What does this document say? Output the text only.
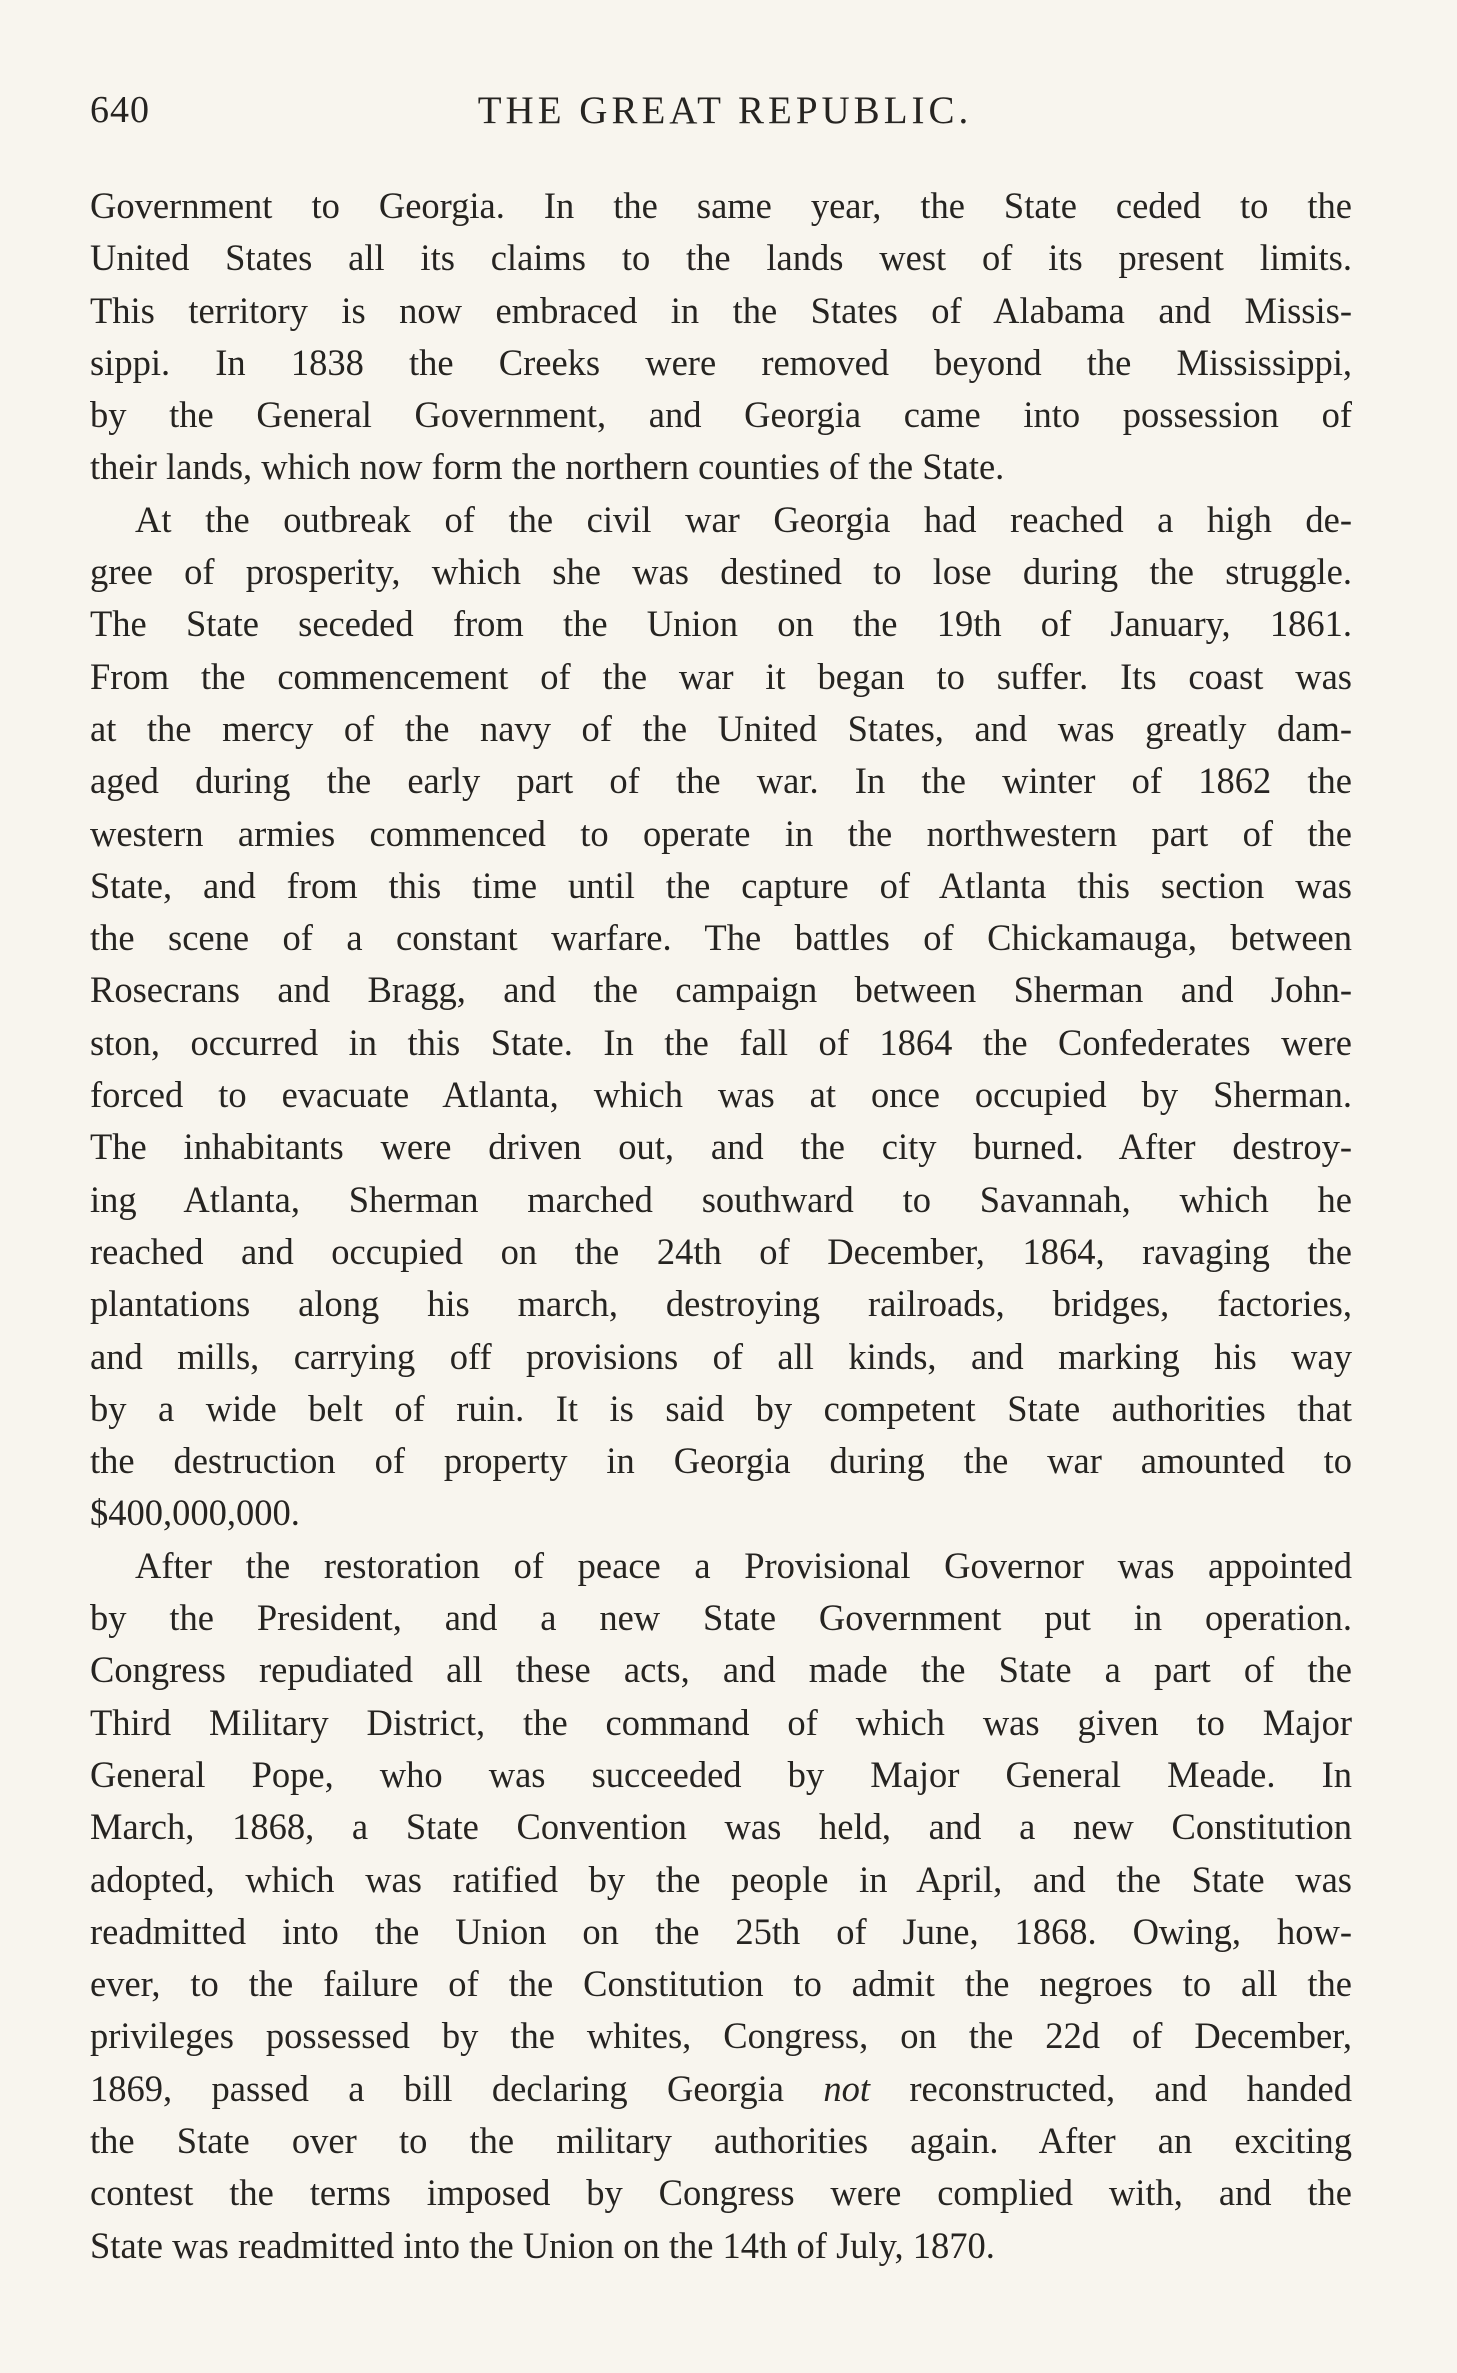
640	THE GREAT REPUBLIC.
Government to Georgia. In the same year, the State ceded to the
United States all its claims to the lands west of its present limits.
This territory is now embraced in the States of Alabama and Missis-
sippi. In 1838 the Creeks were removed beyond the Mississippi,
by the General Government, and Georgia came into possession of
their lands, which now form the northern counties of the State.
At the outbreak of the civil war Georgia had reached a high de-
gree of prosperity, which she was destined to lose during the struggle.
The State seceded from the Union on the 19th of January, 1861.
From the commencement of the war it began to suffer. Its coast was
at the mercy of the navy of the United States, and was greatly dam-
aged during the early part of the war. In the winter of 1862 the
western armies commenced to operate in the northwestern part of the
State, and from this time until the capture of Atlanta this section was
the scene of a constant warfare. The battles of Chickamauga, between
Rosecrans and Bragg, and the campaign between Sherman and John-
ston, occurred in this State. In the fall of 1864 the Confederates were
forced to evacuate Atlanta, which was at once occupied by Sherman.
The inhabitants were driven out, and the city burned. After destroy-
ing Atlanta, Sherman marched southward to Savannah, which he
reached and occupied on the 24th of December, 1864, ravaging the
plantations along his march, destroying railroads, bridges, factories,
and mills, carrying off provisions of all kinds, and marking his way
by a wide belt of ruin. It is said by competent State authorities that
the destruction of property in Georgia during the war amounted to
$400,000,000.
After the restoration of peace a Provisional Governor was appointed
by the President, and a new State Government put in operation.
Congress repudiated all these acts, and made the State a part of the
Third Military District, the command of which was given to Major
General Pope, who was succeeded by Major General Meade. In
March, 1868, a State Convention was held, and a new Constitution
adopted, which was ratified by the people in April, and the State was
readmitted into the Union on the 25th of June, 1868. Owing, how-
ever, to the failure of the Constitution to admit the negroes to all the
privileges possessed by the whites, Congress, on the 22d of December,
1869, passed a bill declaring Georgia not reconstructed, and handed
the State over to the military authorities again. After an exciting
contest the terms imposed by Congress were complied with, and the
State was readmitted into the Union on the 14th of July, 1870.
